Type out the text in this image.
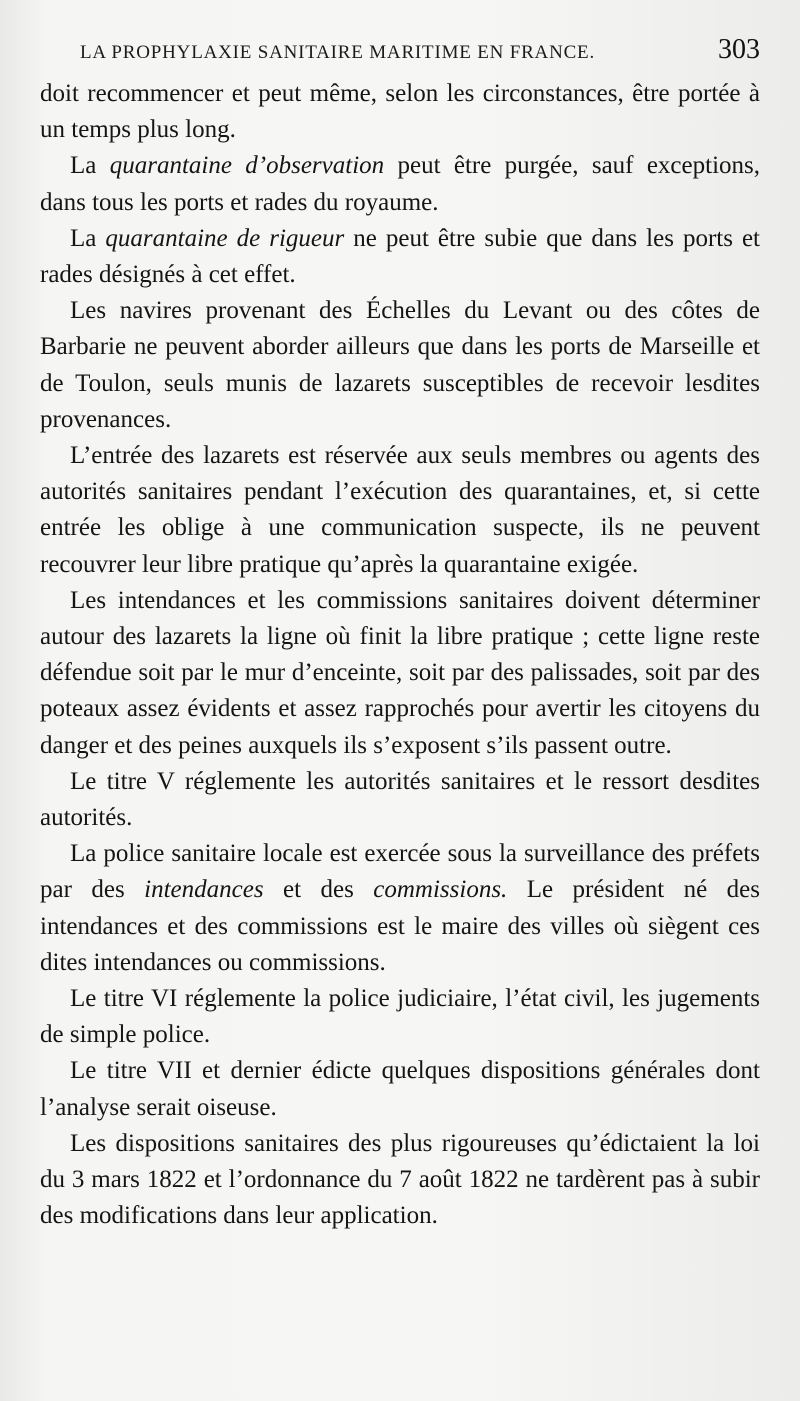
LA PROPHYLAXIE SANITAIRE MARITIME EN FRANCE.	303

doit recommencer et peut même, selon les circonstances, être portée à un temps plus long.

La quarantaine d’observation peut être purgée, sauf exceptions, dans tous les ports et rades du royaume.

La quarantaine de rigueur ne peut être subie que dans les ports et rades désignés à cet effet.

Les navires provenant des Échelles du Levant ou des côtes de Barbarie ne peuvent aborder ailleurs que dans les ports de Marseille et de Toulon, seuls munis de lazarets susceptibles de recevoir lesdites provenances.

L’entrée des lazarets est réservée aux seuls membres ou agents des autorités sanitaires pendant l’exécution des quarantaines, et, si cette entrée les oblige à une communication suspecte, ils ne peuvent recouvrer leur libre pratique qu’après la quarantaine exigée.

Les intendances et les commissions sanitaires doivent déterminer autour des lazarets la ligne où finit la libre pratique ; cette ligne reste défendue soit par le mur d’enceinte, soit par des palissades, soit par des poteaux assez évidents et assez rapprochés pour avertir les citoyens du danger et des peines auxquels ils s’exposent s’ils passent outre.

Le titre V réglemente les autorités sanitaires et le ressort desdites autorités.

La police sanitaire locale est exercée sous la surveillance des préfets par des intendances et des commissions. Le président né des intendances et des commissions est le maire des villes où siègent ces dites intendances ou commissions.

Le titre VI réglemente la police judiciaire, l’état civil, les jugements de simple police.

Le titre VII et dernier édicte quelques dispositions générales dont l’analyse serait oiseuse.

Les dispositions sanitaires des plus rigoureuses qu’édictaient la loi du 3 mars 1822 et l’ordonnance du 7 août 1822 ne tardèrent pas à subir des modifications dans leur application.
